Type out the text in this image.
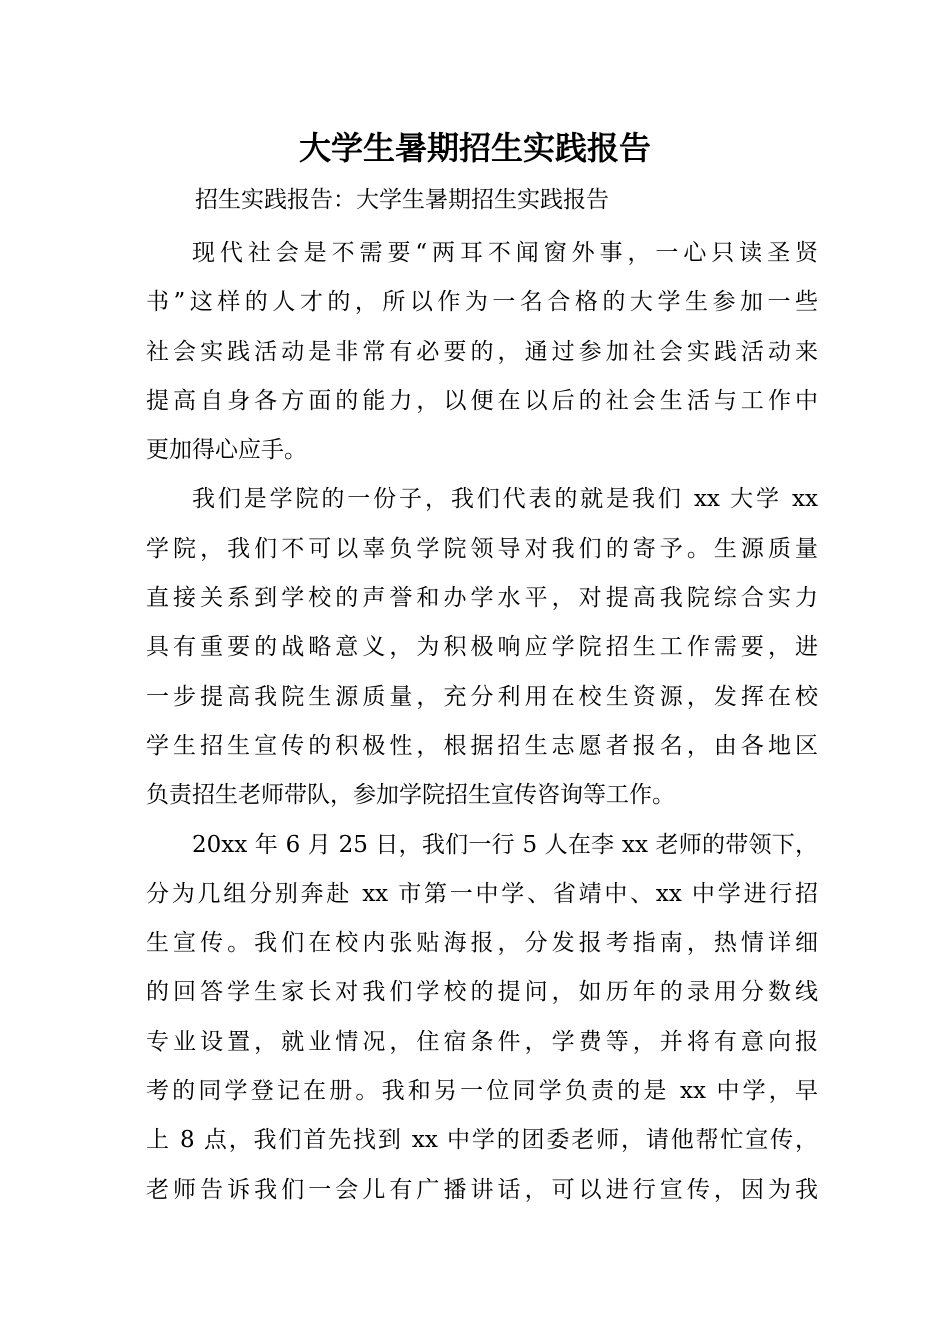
大学生暑期招生实践报告

招生实践报告：大学生暑期招生实践报告

现代社会是不需要“两耳不闻窗外事，一心只读圣贤
书”这样的人才的，所以作为一名合格的大学生参加一些
社会实践活动是非常有必要的，通过参加社会实践活动来
提高自身各方面的能力，以便在以后的社会生活与工作中
更加得心应手。
我们是学院的一份子，我们代表的就是我们 xx 大学 xx
学院，我们不可以辜负学院领导对我们的寄予。生源质量
直接关系到学校的声誉和办学水平，对提高我院综合实力
具有重要的战略意义，为积极响应学院招生工作需要，进
一步提高我院生源质量，充分利用在校生资源，发挥在校
学生招生宣传的积极性，根据招生志愿者报名，由各地区
负责招生老师带队，参加学院招生宣传咨询等工作。
20xx 年 6 月 25 日，我们一行 5 人在李 xx 老师的带领下，
分为几组分别奔赴 xx 市第一中学、省靖中、xx 中学进行招
生宣传。我们在校内张贴海报，分发报考指南，热情详细
的回答学生家长对我们学校的提问，如历年的录用分数线
专业设置，就业情况，住宿条件，学费等，并将有意向报
考的同学登记在册。我和另一位同学负责的是 xx 中学，早
上 8 点，我们首先找到 xx 中学的团委老师，请他帮忙宣传，
老师告诉我们一会儿有广播讲话，可以进行宣传，因为我
